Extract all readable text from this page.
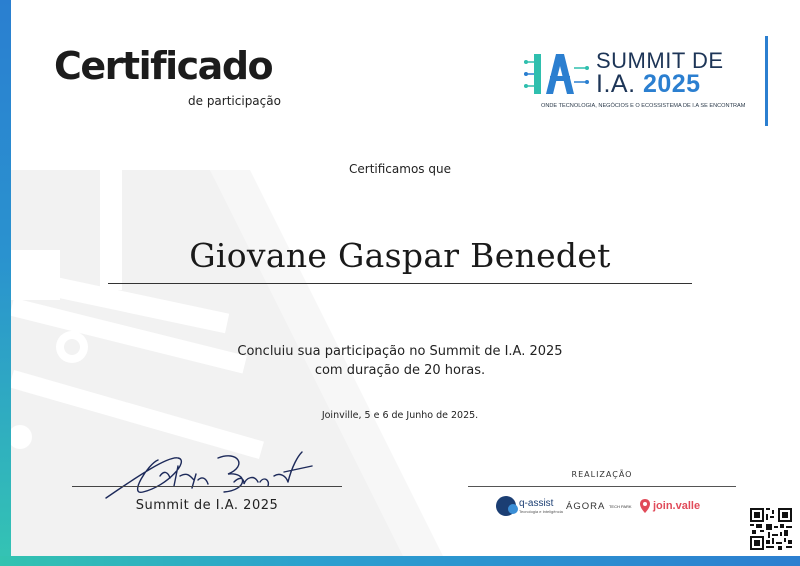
Certificado
de participação
SUMMIT DE
I.A. 2025
ONDE TECNOLOGIA, NEGÓCIOS E O ECOSSISTEMA DE I.A SE ENCONTRAM
Certificamos que
Giovane Gaspar Benedet
Concluiu sua participação no Summit de I.A. 2025
com duração de 20 horas.
Joinville, 5 e 6 de Junho de 2025.
Summit de I.A. 2025
REALIZAÇÃO
q-assist
Tecnologia e Inteligência ÁGORA
TECH PARK join.valle
